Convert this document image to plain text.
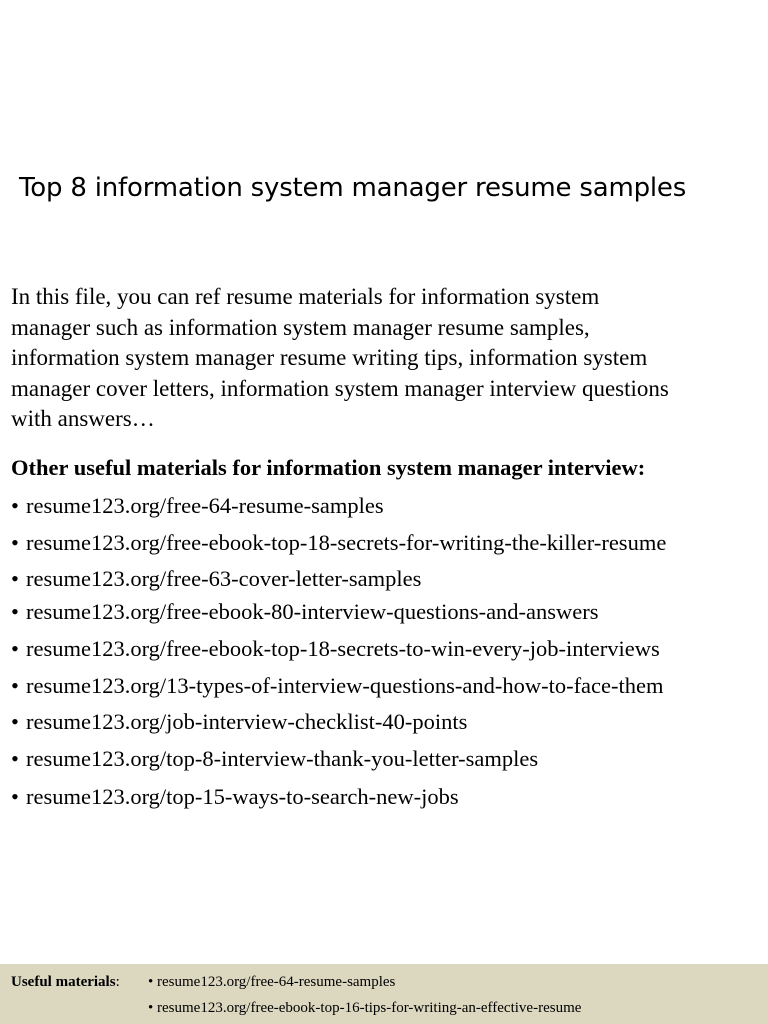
Top 8 information system manager resume samples

In this file, you can ref resume materials for information system
manager such as information system manager resume samples,
information system manager resume writing tips, information system
manager cover letters, information system manager interview questions
with answers…

Other useful materials for information system manager interview:
• resume123.org/free-64-resume-samples
• resume123.org/free-ebook-top-18-secrets-for-writing-the-killer-resume
• resume123.org/free-63-cover-letter-samples
• resume123.org/free-ebook-80-interview-questions-and-answers
• resume123.org/free-ebook-top-18-secrets-to-win-every-job-interviews
• resume123.org/13-types-of-interview-questions-and-how-to-face-them
• resume123.org/job-interview-checklist-40-points
• resume123.org/top-8-interview-thank-you-letter-samples
• resume123.org/top-15-ways-to-search-new-jobs
Useful materials: • resume123.org/free-64-resume-samples
• resume123.org/free-ebook-top-16-tips-for-writing-an-effective-resume
